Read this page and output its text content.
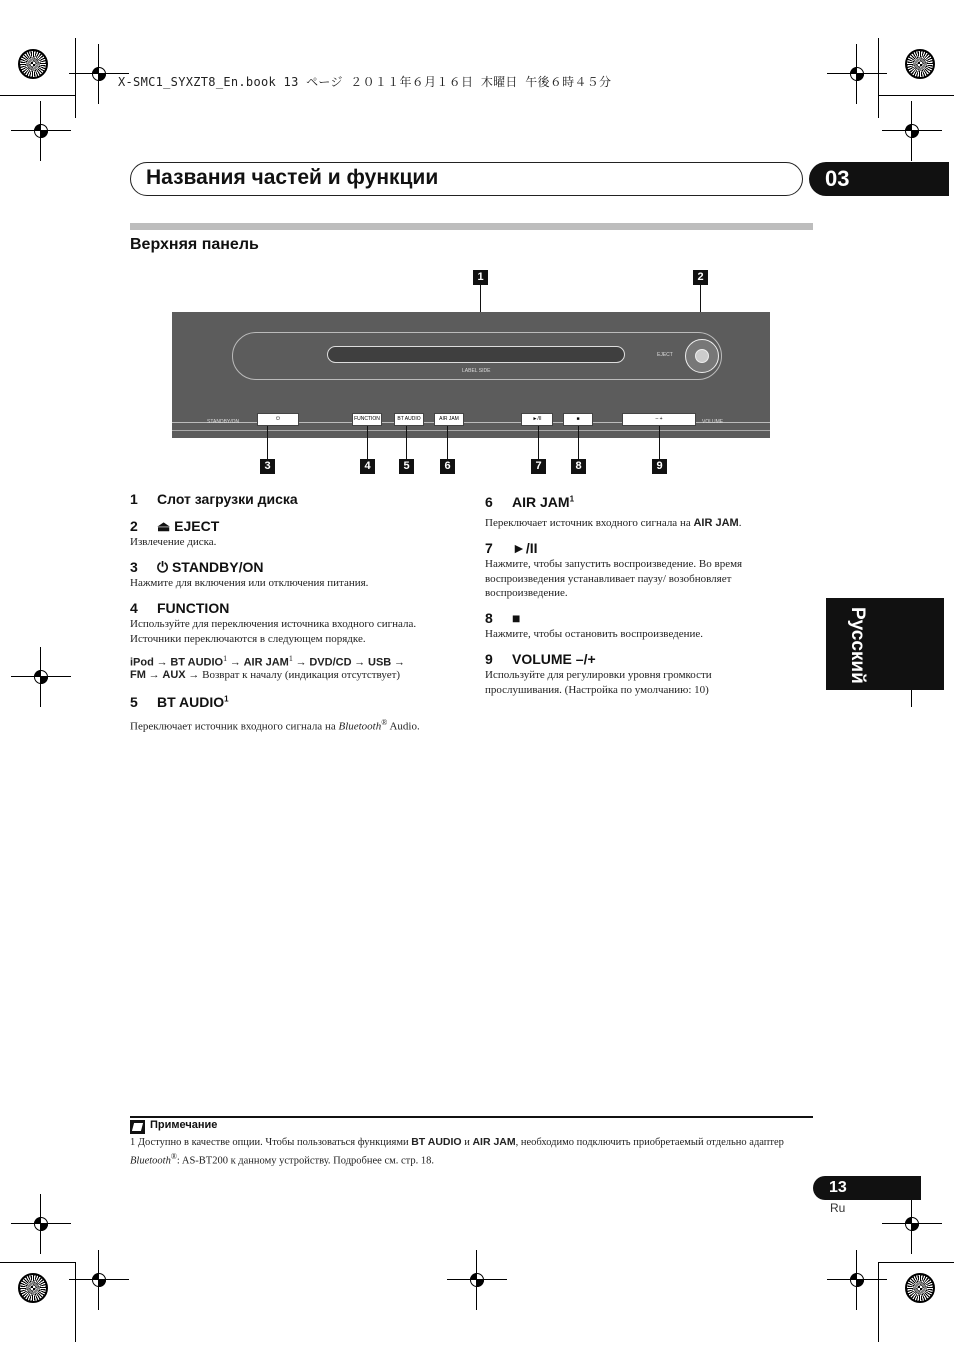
X-SMC1_SYXZT8_En.book 13 ページ ２０１１年６月１６日 木曜日 午後６時４５分
Названия частей и функции	03
Верхняя панель
1	2
LABEL SIDE
EJECT
STANDBY/ON	⏻	FUNCTION	BT AUDIO	AIR JAM	►/II	■	– +	VOLUME
3	4	5	6	7	8	9
1 Слот загрузки диска
2 ⏏ EJECT
Извлечение диска.
3 ⏻ STANDBY/ON
Нажмите для включения или отключения питания.
4 FUNCTION
Используйте для переключения источника входного сигнала.
Источники переключаются в следующем порядке.
iPod → BT $AUDIO^1$ → AIR $JAM^1 \to DVD/CD$ → USB →
FM → AUX → Возврат к началу (индикация отсутствует)
5 BT AUDIO$^1$
Переключает источник входного сигнала на Bluetooth® Audio.
6 AIR JAM$^1$
Переключает источник входного сигнала на AIR JAM.
7 ►/II
Нажмите, чтобы запустить воспроизведение. Во время воспроизведения устанавливает паузу/ возобновляет воспроизведение.
8 ■
Нажмите, чтобы остановить воспроизведение.
9 VOLUME –/+
Используйте для регулировки уровня громкости прослушивания. (Настройка по умолчанию: 10)
Русский
Примечание
1 Доступно в качестве опции. Чтобы пользоваться функциями BT AUDIO и AIR JAM, необходимо подключить приобретаемый отдельно адаптер Bluetooth®: AS-BT200 к данному устройству. Подробнее см. стр. 18.
13
Ru
